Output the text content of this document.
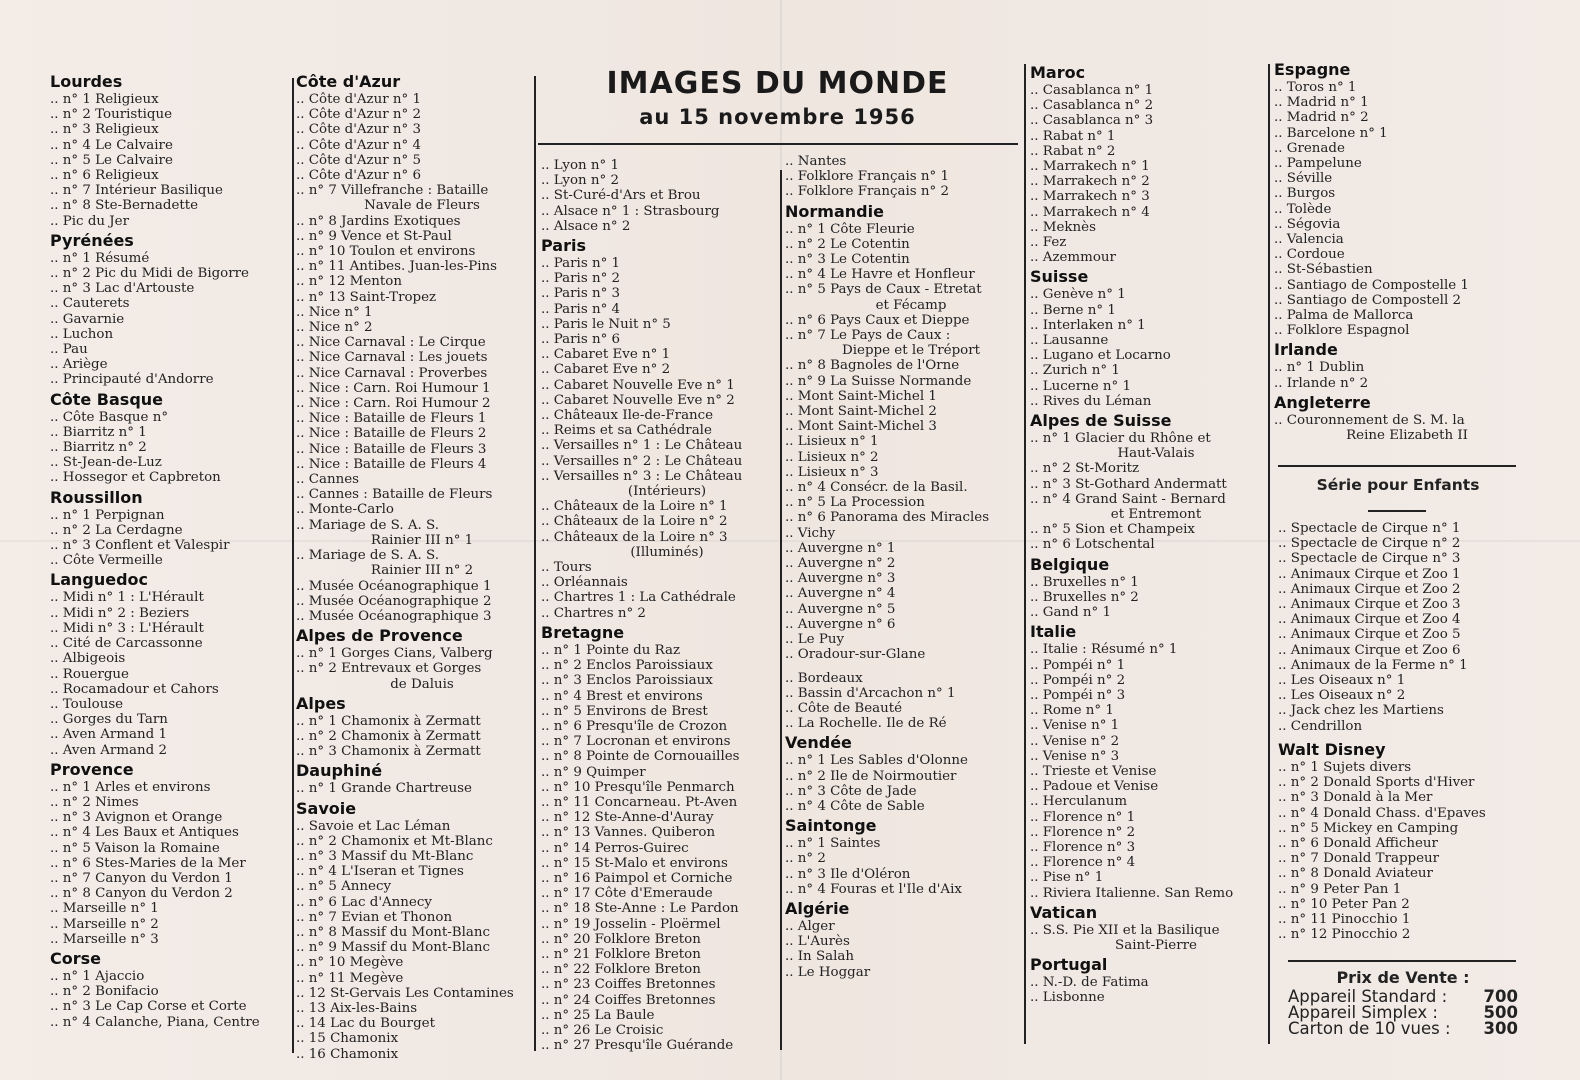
IMAGES DU MONDE
au 15 novembre 1956
Lourdes
.. n° 1 Religieux
.. n° 2 Touristique
.. n° 3 Religieux
.. n° 4 Le Calvaire
.. n° 5 Le Calvaire
.. n° 6 Religieux
.. n° 7 Intérieur Basilique
.. n° 8 Ste-Bernadette
.. Pic du Jer
Pyrénées
.. n° 1 Résumé
.. n° 2 Pic du Midi de Bigorre
.. n° 3 Lac d'Artouste
.. Cauterets
.. Gavarnie
.. Luchon
.. Pau
.. Ariège
.. Principauté d'Andorre
Côte Basque
.. Côte Basque n°
.. Biarritz n° 1
.. Biarritz n° 2
.. St-Jean-de-Luz
.. Hossegor et Capbreton
Roussillon
.. n° 1 Perpignan
.. n° 2 La Cerdagne
.. n° 3 Conflent et Valespir
.. Côte Vermeille
Languedoc
.. Midi n° 1 : L'Hérault
.. Midi n° 2 : Beziers
.. Midi n° 3 : L'Hérault
.. Cité de Carcassonne
.. Albigeois
.. Rouergue
.. Rocamadour et Cahors
.. Toulouse
.. Gorges du Tarn
.. Aven Armand 1
.. Aven Armand 2
Provence
.. n° 1 Arles et environs
.. n° 2 Nimes
.. n° 3 Avignon et Orange
.. n° 4 Les Baux et Antiques
.. n° 5 Vaison la Romaine
.. n° 6 Stes-Maries de la Mer
.. n° 7 Canyon du Verdon 1
.. n° 8 Canyon du Verdon 2
.. Marseille n° 1
.. Marseille n° 2
.. Marseille n° 3
Corse
.. n° 1 Ajaccio
.. n° 2 Bonifacio
.. n° 3 Le Cap Corse et Corte
.. n° 4 Calanche, Piana, Centre
Côte d'Azur
.. Côte d'Azur n° 1
.. Côte d'Azur n° 2
.. Côte d'Azur n° 3
.. Côte d'Azur n° 4
.. Côte d'Azur n° 5
.. Côte d'Azur n° 6
.. n° 7 Villefranche : Bataille
Navale de Fleurs
.. n° 8 Jardins Exotiques
.. n° 9 Vence et St-Paul
.. n° 10 Toulon et environs
.. n° 11 Antibes. Juan-les-Pins
.. n° 12 Menton
.. n° 13 Saint-Tropez
.. Nice n° 1
.. Nice n° 2
.. Nice Carnaval : Le Cirque
.. Nice Carnaval : Les jouets
.. Nice Carnaval : Proverbes
.. Nice : Carn. Roi Humour 1
.. Nice : Carn. Roi Humour 2
.. Nice : Bataille de Fleurs 1
.. Nice : Bataille de Fleurs 2
.. Nice : Bataille de Fleurs 3
.. Nice : Bataille de Fleurs 4
.. Cannes
.. Cannes : Bataille de Fleurs
.. Monte-Carlo
.. Mariage de S. A. S.
Rainier III n° 1
.. Mariage de S. A. S.
Rainier III n° 2
.. Musée Océanographique 1
.. Musée Océanographique 2
.. Musée Océanographique 3
Alpes de Provence
.. n° 1 Gorges Cians, Valberg
.. n° 2 Entrevaux et Gorges
de Daluis
Alpes
.. n° 1 Chamonix à Zermatt
.. n° 2 Chamonix à Zermatt
.. n° 3 Chamonix à Zermatt
Dauphiné
.. n° 1 Grande Chartreuse
Savoie
.. Savoie et Lac Léman
.. n° 2 Chamonix et Mt-Blanc
.. n° 3 Massif du Mt-Blanc
.. n° 4 L'Iseran et Tignes
.. n° 5 Annecy
.. n° 6 Lac d'Annecy
.. n° 7 Evian et Thonon
.. n° 8 Massif du Mont-Blanc
.. n° 9 Massif du Mont-Blanc
.. n° 10 Megève
.. n° 11 Megève
.. 12 St-Gervais Les Contamines
.. 13 Aix-les-Bains
.. 14 Lac du Bourget
.. 15 Chamonix
.. 16 Chamonix
.. Lyon n° 1
.. Lyon n° 2
.. St-Curé-d'Ars et Brou
.. Alsace n° 1 : Strasbourg
.. Alsace n° 2
Paris
.. Paris n° 1
.. Paris n° 2
.. Paris n° 3
.. Paris n° 4
.. Paris le Nuit n° 5
.. Paris n° 6
.. Cabaret Eve n° 1
.. Cabaret Eve n° 2
.. Cabaret Nouvelle Eve n° 1
.. Cabaret Nouvelle Eve n° 2
.. Châteaux Ile-de-France
.. Reims et sa Cathédrale
.. Versailles n° 1 : Le Château
.. Versailles n° 2 : Le Château
.. Versailles n° 3 : Le Château
(Intérieurs)
.. Châteaux de la Loire n° 1
.. Châteaux de la Loire n° 2
.. Châteaux de la Loire n° 3
(Illuminés)
.. Tours
.. Orléannais
.. Chartres 1 : La Cathédrale
.. Chartres n° 2
Bretagne
.. n° 1 Pointe du Raz
.. n° 2 Enclos Paroissiaux
.. n° 3 Enclos Paroissiaux
.. n° 4 Brest et environs
.. n° 5 Environs de Brest
.. n° 6 Presqu'île de Crozon
.. n° 7 Locronan et environs
.. n° 8 Pointe de Cornouailles
.. n° 9 Quimper
.. n° 10 Presqu'île Penmarch
.. n° 11 Concarneau. Pt-Aven
.. n° 12 Ste-Anne-d'Auray
.. n° 13 Vannes. Quiberon
.. n° 14 Perros-Guirec
.. n° 15 St-Malo et environs
.. n° 16 Paimpol et Corniche
.. n° 17 Côte d'Emeraude
.. n° 18 Ste-Anne : Le Pardon
.. n° 19 Josselin - Ploërmel
.. n° 20 Folklore Breton
.. n° 21 Folklore Breton
.. n° 22 Folklore Breton
.. n° 23 Coiffes Bretonnes
.. n° 24 Coiffes Bretonnes
.. n° 25 La Baule
.. n° 26 Le Croisic
.. n° 27 Presqu'île Guérande
.. Nantes
.. Folklore Français n° 1
.. Folklore Français n° 2
Normandie
.. n° 1 Côte Fleurie
.. n° 2 Le Cotentin
.. n° 3 Le Cotentin
.. n° 4 Le Havre et Honfleur
.. n° 5 Pays de Caux - Etretat
et Fécamp
.. n° 6 Pays Caux et Dieppe
.. n° 7 Le Pays de Caux :
Dieppe et le Tréport
.. n° 8 Bagnoles de l'Orne
.. n° 9 La Suisse Normande
.. Mont Saint-Michel 1
.. Mont Saint-Michel 2
.. Mont Saint-Michel 3
.. Lisieux n° 1
.. Lisieux n° 2
.. Lisieux n° 3
.. n° 4 Consécr. de la Basil.
.. n° 5 La Procession
.. n° 6 Panorama des Miracles
.. Vichy
.. Auvergne n° 1
.. Auvergne n° 2
.. Auvergne n° 3
.. Auvergne n° 4
.. Auvergne n° 5
.. Auvergne n° 6
.. Le Puy
.. Oradour-sur-Glane
.. Bordeaux
.. Bassin d'Arcachon n° 1
.. Côte de Beauté
.. La Rochelle. Ile de Ré
Vendée
.. n° 1 Les Sables d'Olonne
.. n° 2 Ile de Noirmoutier
.. n° 3 Côte de Jade
.. n° 4 Côte de Sable
Saintonge
.. n° 1 Saintes
.. n° 2
.. n° 3 Ile d'Oléron
.. n° 4 Fouras et l'Ile d'Aix
Algérie
.. Alger
.. L'Aurès
.. In Salah
.. Le Hoggar
Maroc
.. Casablanca n° 1
.. Casablanca n° 2
.. Casablanca n° 3
.. Rabat n° 1
.. Rabat n° 2
.. Marrakech n° 1
.. Marrakech n° 2
.. Marrakech n° 3
.. Marrakech n° 4
.. Meknès
.. Fez
.. Azemmour
Suisse
.. Genève n° 1
.. Berne n° 1
.. Interlaken n° 1
.. Lausanne
.. Lugano et Locarno
.. Zurich n° 1
.. Lucerne n° 1
.. Rives du Léman
Alpes de Suisse
.. n° 1 Glacier du Rhône et
Haut-Valais
.. n° 2 St-Moritz
.. n° 3 St-Gothard Andermatt
.. n° 4 Grand Saint - Bernard
et Entremont
.. n° 5 Sion et Champeix
.. n° 6 Lotschental
Belgique
.. Bruxelles n° 1
.. Bruxelles n° 2
.. Gand n° 1
Italie
.. Italie : Résumé n° 1
.. Pompéi n° 1
.. Pompéi n° 2
.. Pompéi n° 3
.. Rome n° 1
.. Venise n° 1
.. Venise n° 2
.. Venise n° 3
.. Trieste et Venise
.. Padoue et Venise
.. Herculanum
.. Florence n° 1
.. Florence n° 2
.. Florence n° 3
.. Florence n° 4
.. Pise n° 1
.. Riviera Italienne. San Remo
Vatican
.. S.S. Pie XII et la Basilique
Saint-Pierre
Portugal
.. N.-D. de Fatima
.. Lisbonne
Espagne
.. Toros n° 1
.. Madrid n° 1
.. Madrid n° 2
.. Barcelone n° 1
.. Grenade
.. Pampelune
.. Séville
.. Burgos
.. Tolède
.. Ségovia
.. Valencia
.. Cordoue
.. St-Sébastien
.. Santiago de Compostelle 1
.. Santiago de Compostell 2
.. Palma de Mallorca
.. Folklore Espagnol
Irlande
.. n° 1 Dublin
.. Irlande n° 2
Angleterre
.. Couronnement de S. M. la
Reine Elizabeth II
Série pour Enfants
.. Spectacle de Cirque n° 1
.. Spectacle de Cirque n° 2
.. Spectacle de Cirque n° 3
.. Animaux Cirque et Zoo 1
.. Animaux Cirque et Zoo 2
.. Animaux Cirque et Zoo 3
.. Animaux Cirque et Zoo 4
.. Animaux Cirque et Zoo 5
.. Animaux Cirque et Zoo 6
.. Animaux de la Ferme n° 1
.. Les Oiseaux n° 1
.. Les Oiseaux n° 2
.. Jack chez les Martiens
.. Cendrillon
Walt Disney
.. n° 1 Sujets divers
.. n° 2 Donald Sports d'Hiver
.. n° 3 Donald à la Mer
.. n° 4 Donald Chass. d'Epaves
.. n° 5 Mickey en Camping
.. n° 6 Donald Afficheur
.. n° 7 Donald Trappeur
.. n° 8 Donald Aviateur
.. n° 9 Peter Pan 1
.. n° 10 Peter Pan 2
.. n° 11 Pinocchio 1
.. n° 12 Pinocchio 2
Prix de Vente :
Appareil Standard : 700
Appareil Simplex :	500
Carton de 10 vues : 300
